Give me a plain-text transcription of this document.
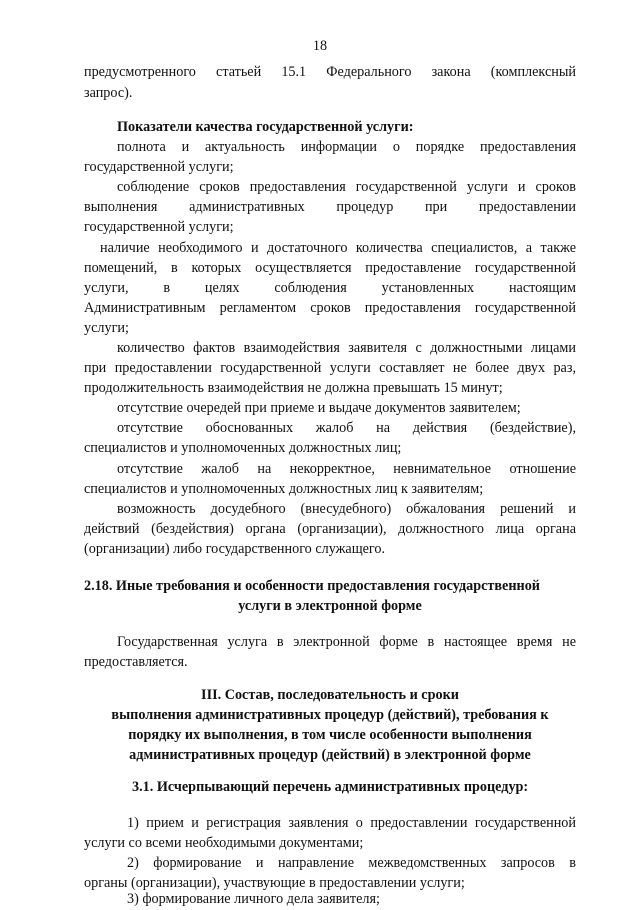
18
предусмотренного статьей 15.1 Федерального закона (комплексный
запрос).
Показатели качества государственной услуги:
полнота и актуальность информации о порядке предоставления
государственной услуги;
соблюдение сроков предоставления государственной услуги и сроков
выполнения административных процедур при предоставлении
государственной услуги;
наличие необходимого и достаточного количества специалистов, а также
помещений, в которых осуществляется предоставление государственной
услуги, в целях соблюдения установленных настоящим
Административным регламентом сроков предоставления государственной
услуги;
количество фактов взаимодействия заявителя с должностными лицами
при предоставлении государственной услуги составляет не более двух раз,
продолжительность взаимодействия не должна превышать 15 минут;
отсутствие очередей при приеме и выдаче документов заявителем;
отсутствие обоснованных жалоб на действия (бездействие),
специалистов и уполномоченных должностных лиц;
отсутствие жалоб на некорректное, невнимательное отношение
специалистов и уполномоченных должностных лиц к заявителям;
возможность досудебного (внесудебного) обжалования решений и
действий (бездействия) органа (организации), должностного лица органа
(организации) либо государственного служащего.
2.18. Иные требования и особенности предоставления государственной
услуги в электронной форме
Государственная услуга в электронной форме в настоящее время не
предоставляется.
III. Состав, последовательность и сроки
выполнения административных процедур (действий), требования к
порядку их выполнения, в том числе особенности выполнения
административных процедур (действий) в электронной форме
3.1. Исчерпывающий перечень административных процедур:
1) прием и регистрация заявления о предоставлении государственной
услуги со всеми необходимыми документами;
2) формирование и направление межведомственных запросов в
органы (организации), участвующие в предоставлении услуги;
3) формирование личного дела заявителя;
